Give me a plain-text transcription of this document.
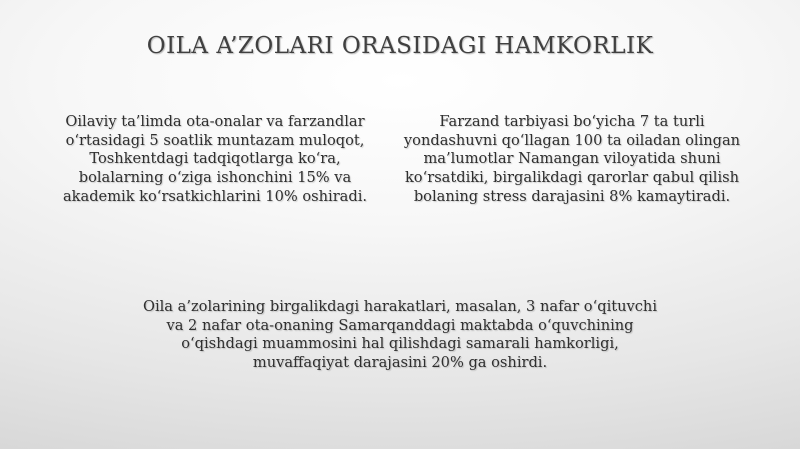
OILA A’ZOLARI ORASIDAGI HAMKORLIK

Oilaviy ta’limda ota-onalar va farzandlar
o‘rtasidagi 5 soatlik muntazam muloqot,
Toshkentdagi tadqiqotlarga ko‘ra,
bolalarning o‘ziga ishonchini 15% va
akademik ko‘rsatkichlarini 10% oshiradi.

Farzand tarbiyasi bo‘yicha 7 ta turli
yondashuvni qo‘llagan 100 ta oiladan olingan
ma’lumotlar Namangan viloyatida shuni
ko‘rsatdiki, birgalikdagi qarorlar qabul qilish
bolaning stress darajasini 8% kamaytiradi.

Oila a’zolarining birgalikdagi harakatlari, masalan, 3 nafar o‘qituvchi
va 2 nafar ota-onaning Samarqanddagi maktabda o‘quvchining
o‘qishdagi muammosini hal qilishdagi samarali hamkorligi,
muvaffaqiyat darajasini 20% ga oshirdi.
